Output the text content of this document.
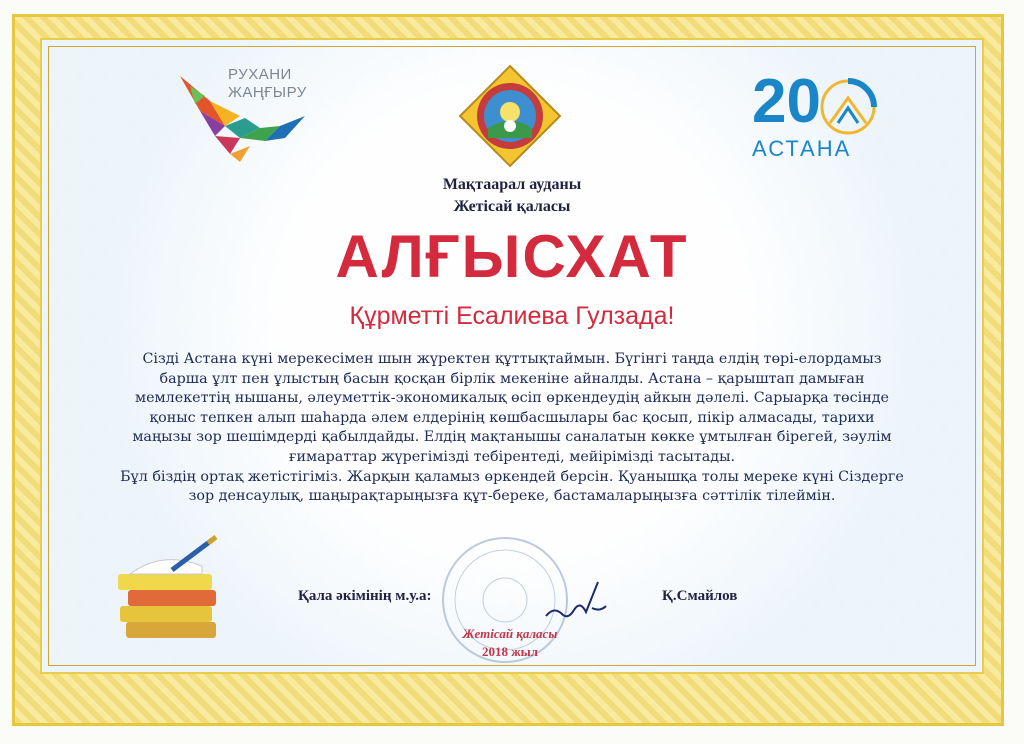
РУХАНИ
ЖАҢҒЫРУ	20
АСТАНА
Мақтаарал ауданы
Жетісай қаласы
АЛҒЫСХАТ
Құрметті Есалиева Гулзада!
Сізді Астана күні мерекесімен шын жүректен құттықтаймын. Бүгінгі таңда елдің төрі-елордамыз
барша ұлт пен ұлыстың басын қосқан бірлік мекеніне айналды. Астана – қарыштап дамыған
мемлекеттің нышаны, әлеуметтік-экономикалық өсіп өркендеудің айкын дәлелі. Сарыарқа төсінде
қоныс тепкен алып шаһарда әлем елдерінің көшбасшылары бас қосып, пікір алмасады, тарихи
маңызы зор шешімдерді қабылдайды. Елдің мақтанышы саналатын көкке ұмтылған бірегей, зәулім
ғимараттар жүрегімізді тебірентеді, мейірімізді тасытады.
Бұл біздің ортақ жетістігіміз. Жарқын қаламыз өркендей берсін. Қуанышқа толы мереке күні Сіздерге
зор денсаулық, шаңырақтарыңызға құт-береке, бастамаларыңызға сәттілік тілеймін.
Қала әкімінің м.у.а:	Қ.Смайлов
Жетісай қаласы
2018 жыл
